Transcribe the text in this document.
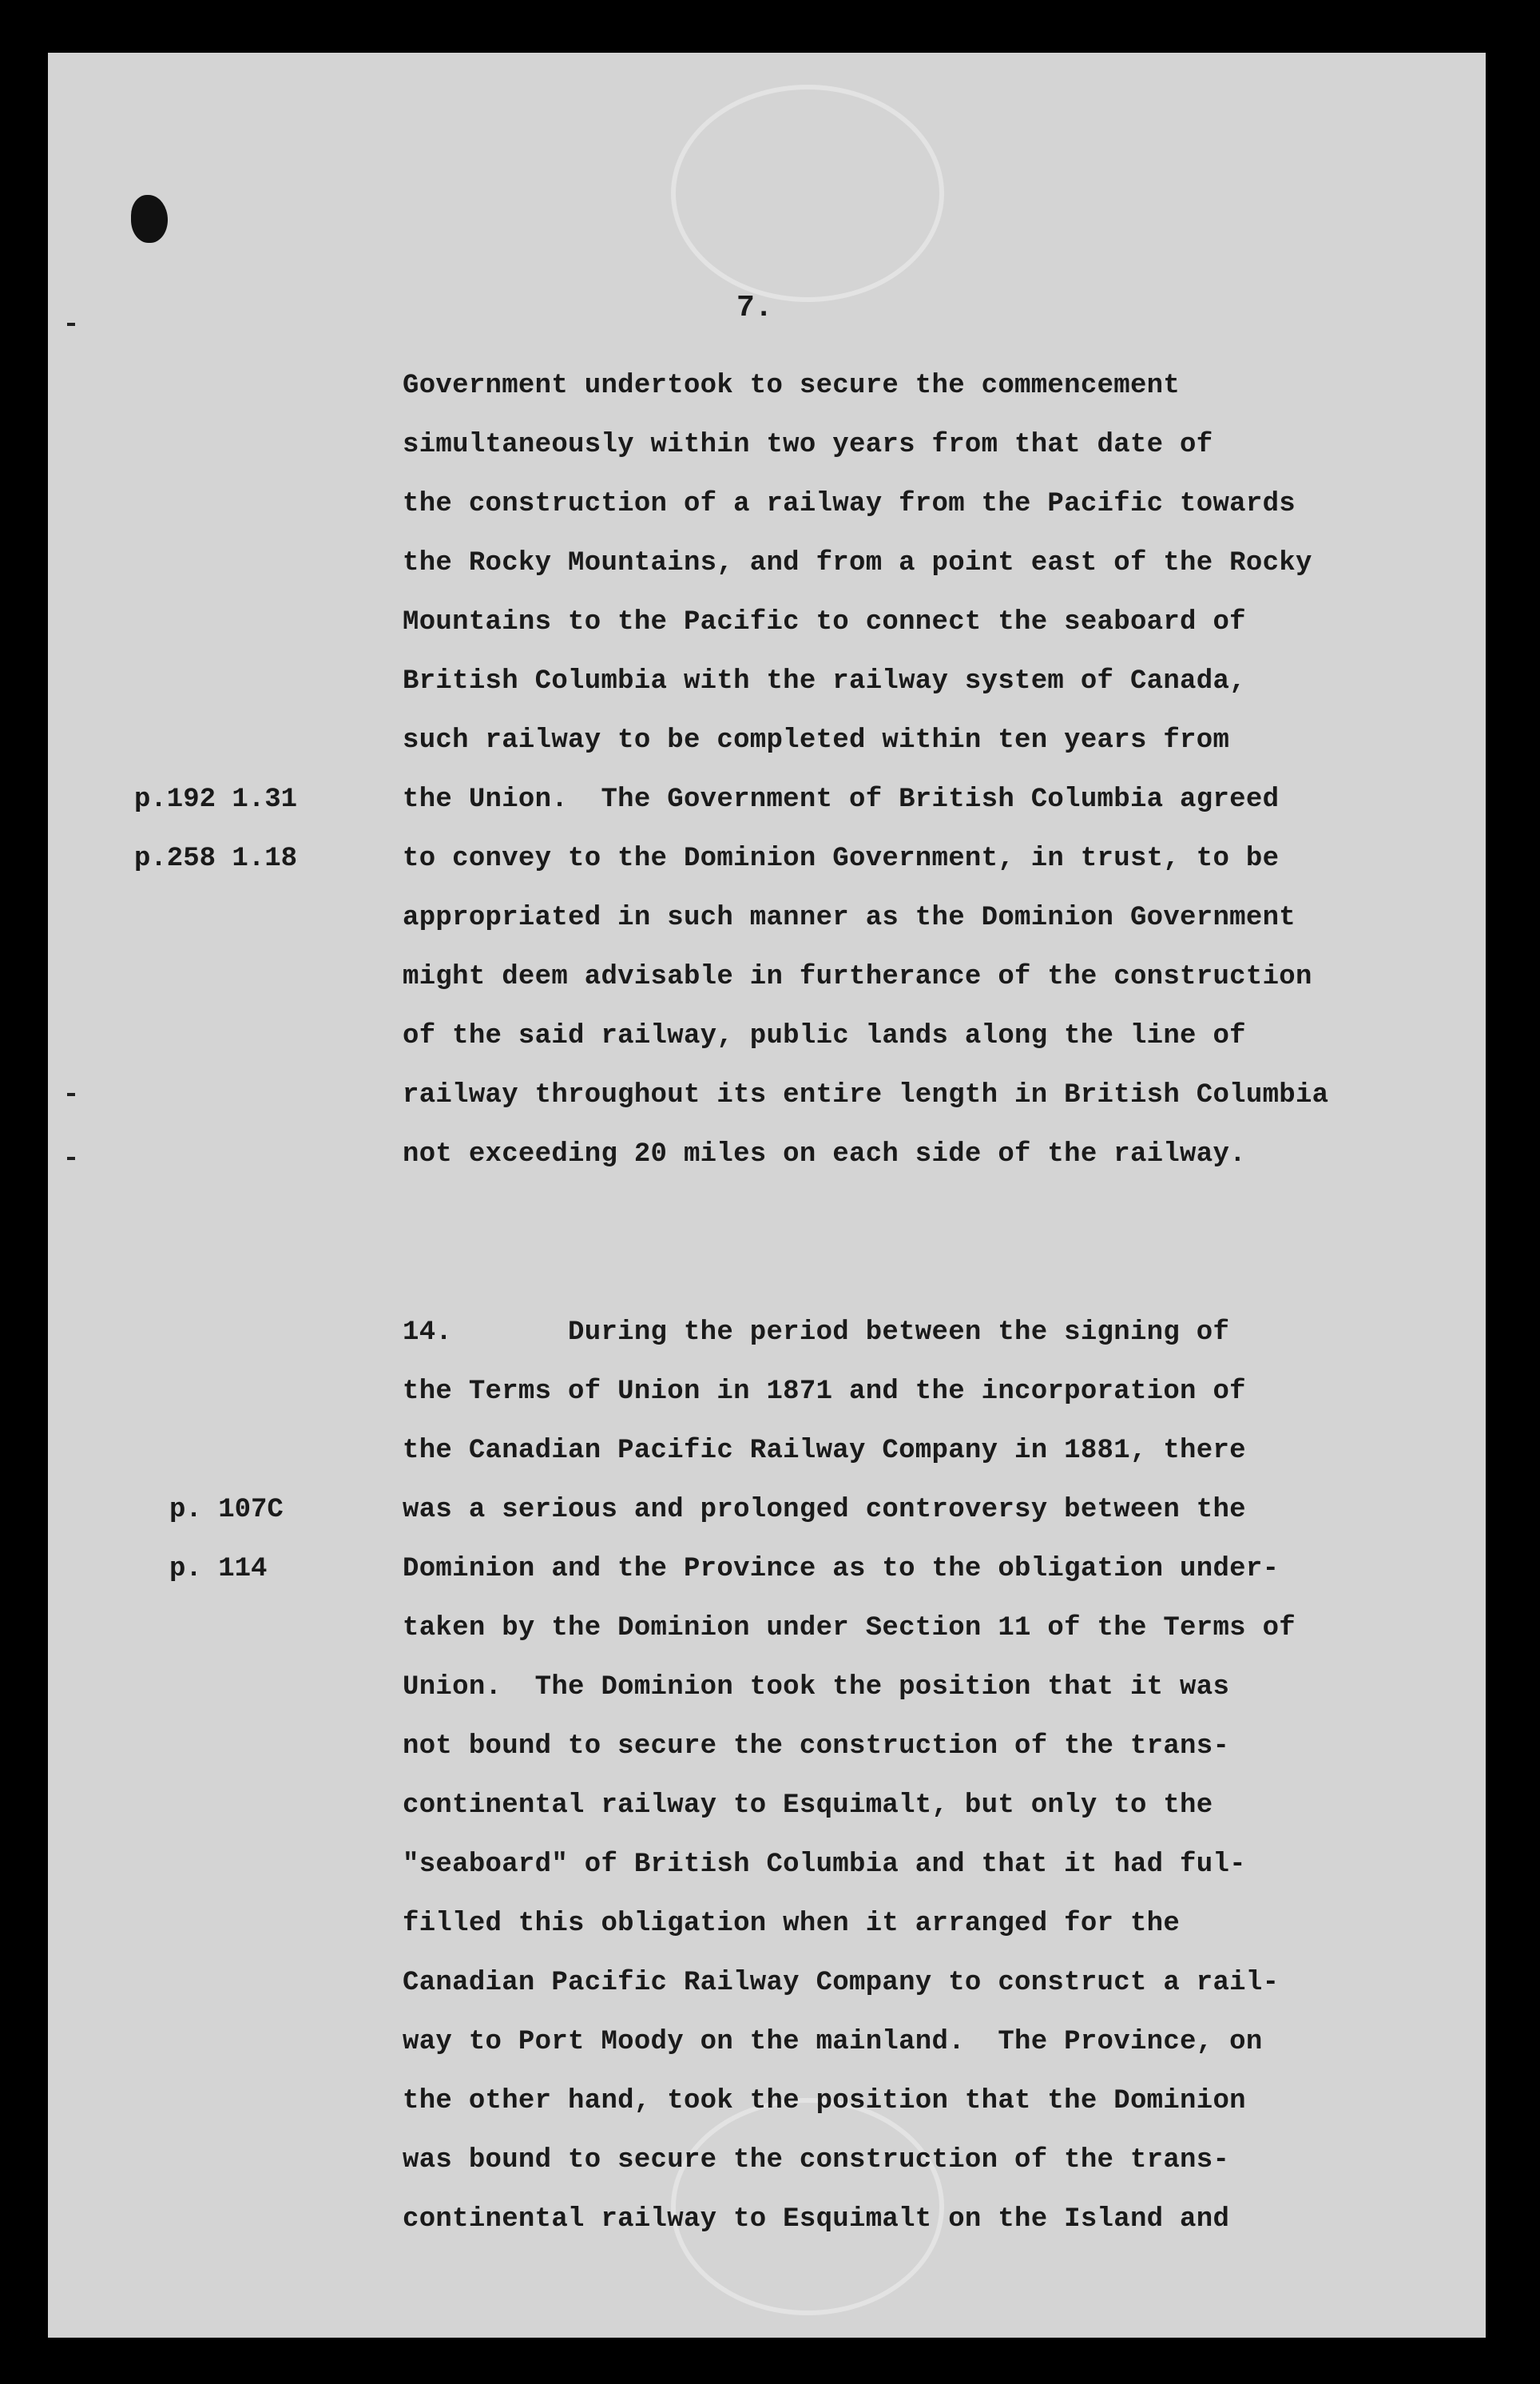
7.
Government undertook to secure the commencement
simultaneously within two years from that date of
the construction of a railway from the Pacific towards
the Rocky Mountains, and from a point east of the Rocky
Mountains to the Pacific to connect the seaboard of
British Columbia with the railway system of Canada,
such railway to be completed within ten years from
the Union.  The Government of British Columbia agreed
to convey to the Dominion Government, in trust, to be
appropriated in such manner as the Dominion Government
might deem advisable in furtherance of the construction
of the said railway, public lands along the line of
railway throughout its entire length in British Columbia
not exceeding 20 miles on each side of the railway.
p.192 1.31
p.258 1.18
p. 107C
p. 114
14.       During the period between the signing of
the Terms of Union in 1871 and the incorporation of
the Canadian Pacific Railway Company in 1881, there
was a serious and prolonged controversy between the
Dominion and the Province as to the obligation under-
taken by the Dominion under Section 11 of the Terms of
Union.  The Dominion took the position that it was
not bound to secure the construction of the trans-
continental railway to Esquimalt, but only to the
"seaboard" of British Columbia and that it had ful-
filled this obligation when it arranged for the
Canadian Pacific Railway Company to construct a rail-
way to Port Moody on the mainland.  The Province, on
the other hand, took the position that the Dominion
was bound to secure the construction of the trans-
continental railway to Esquimalt on the Island and
